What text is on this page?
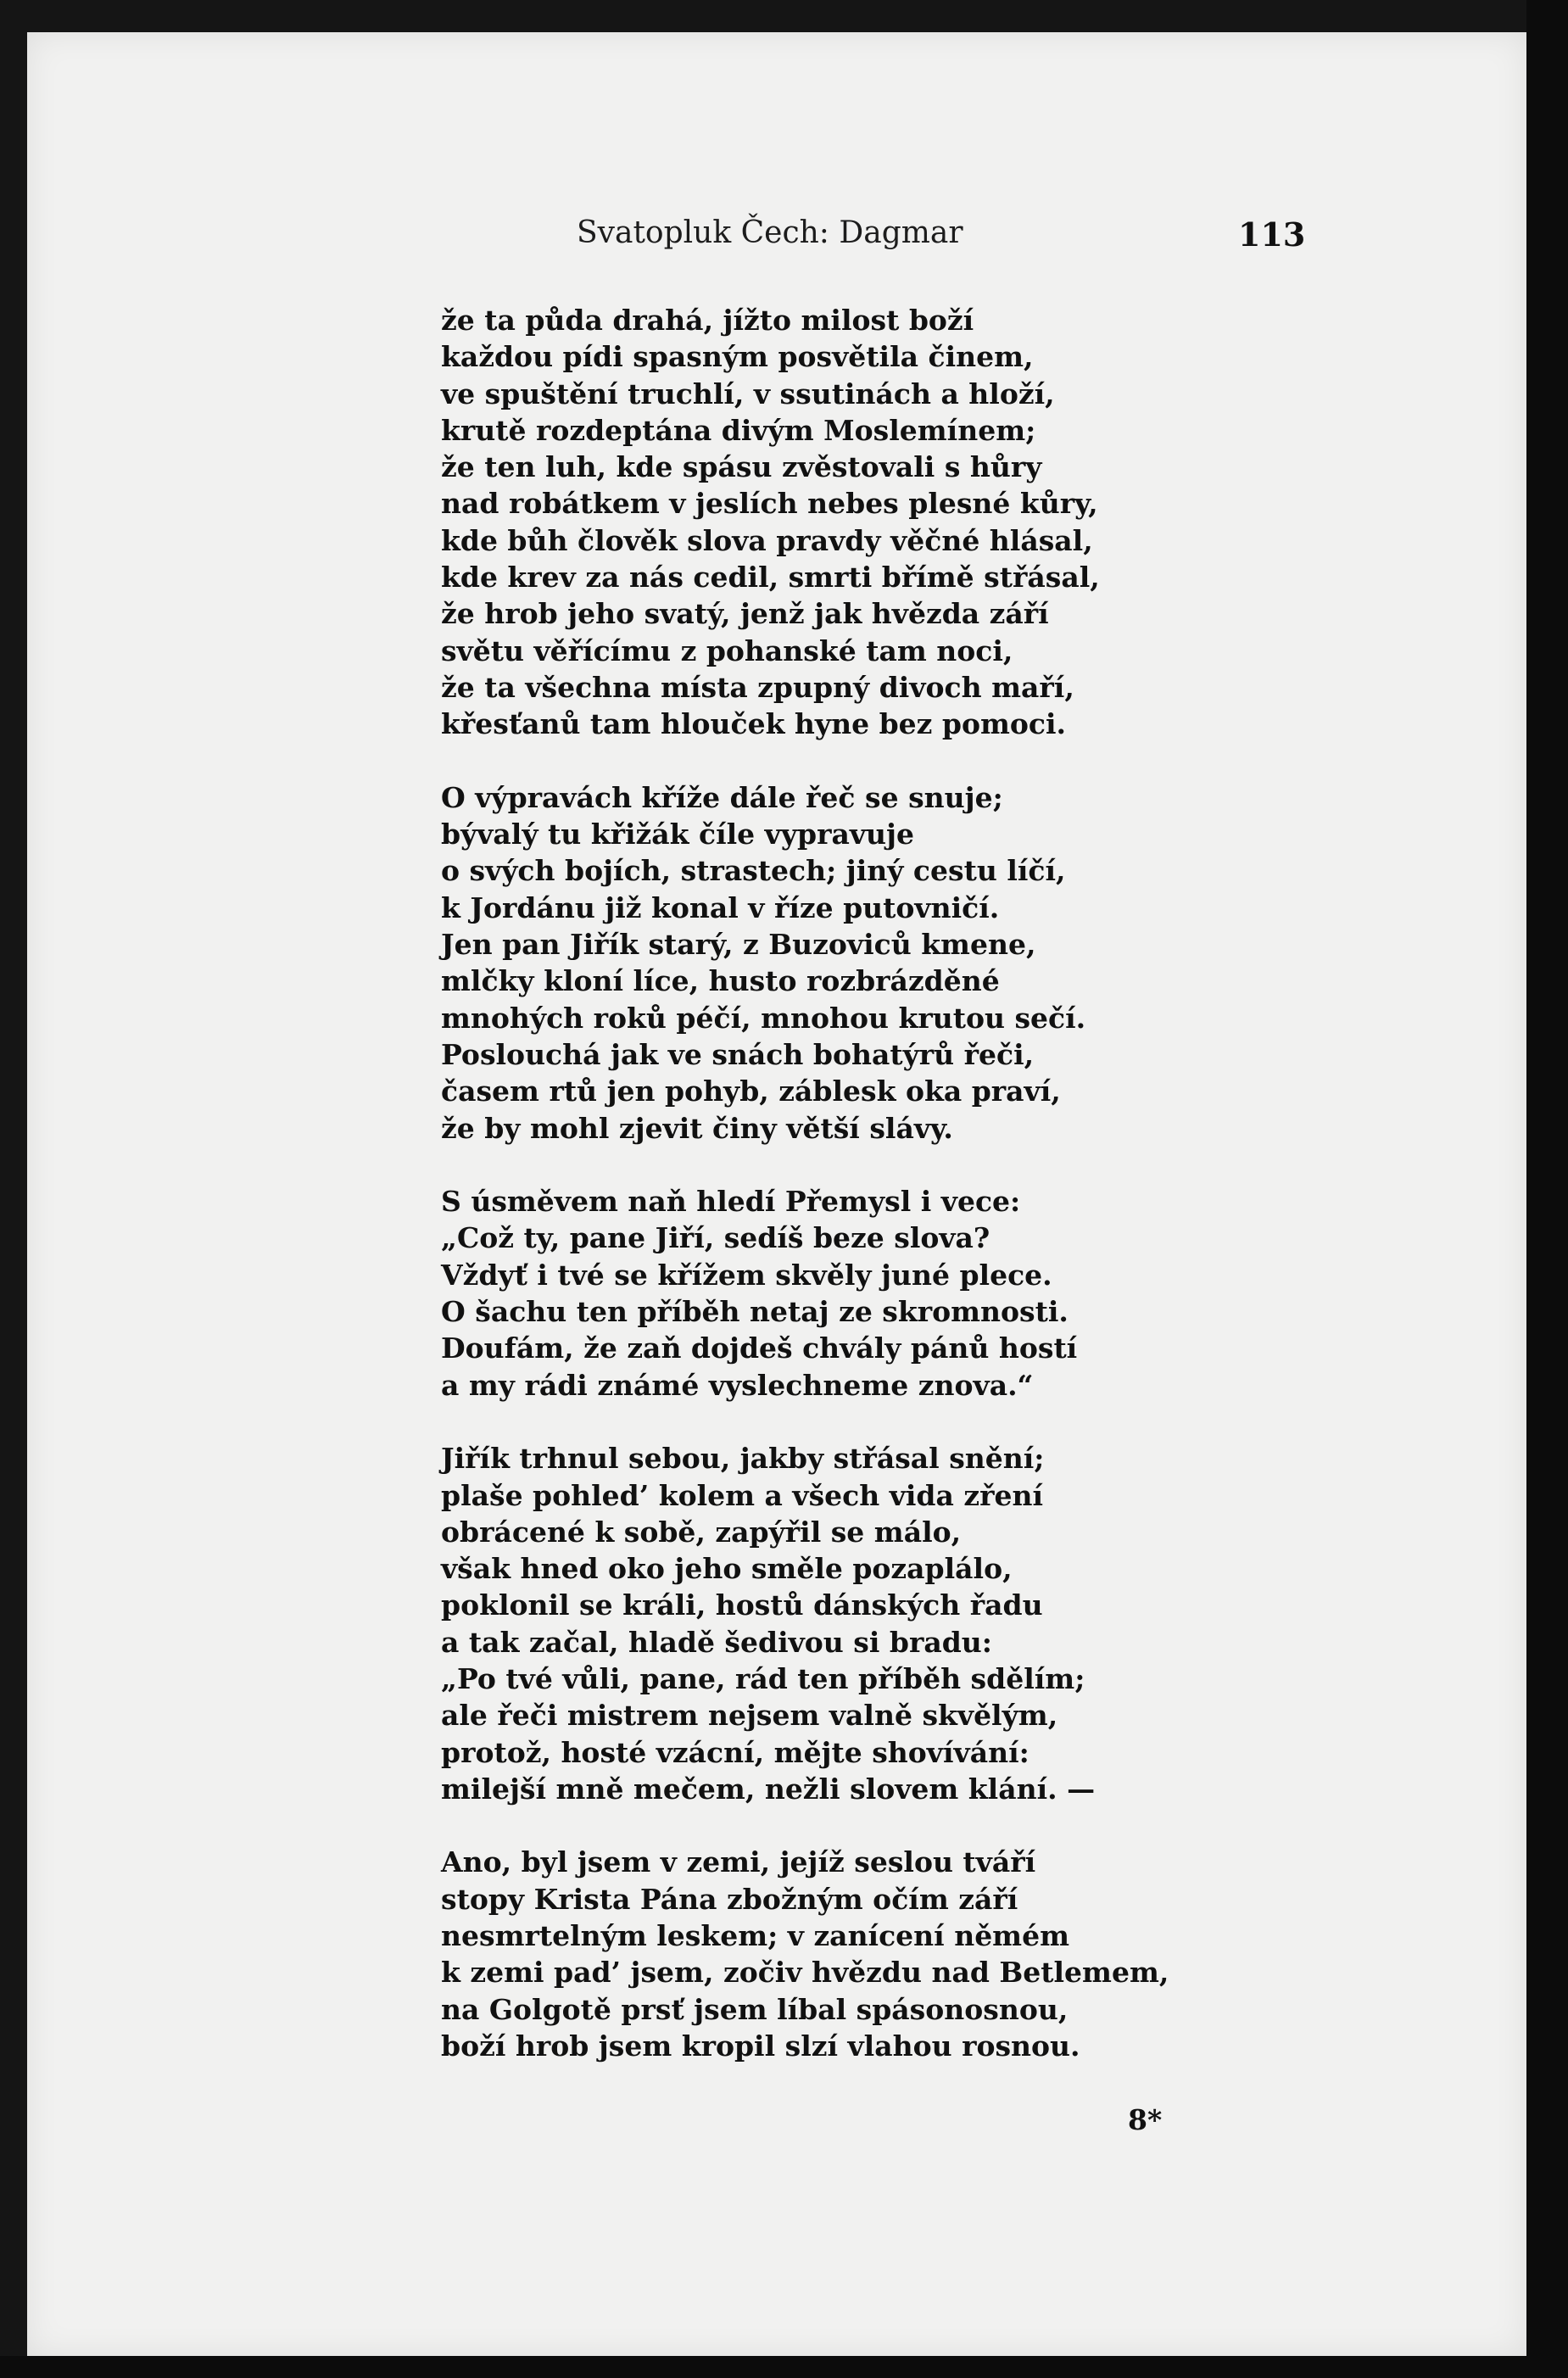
Svatopluk Čech: Dagmar	113
že ta půda drahá, jížto milost boží
každou pídi spasným posvětila činem,
ve spuštění truchlí, v ssutinách a hloží,
krutě rozdeptána divým Moslemínem;
že ten luh, kde spásu zvěstovali s hůry
nad robátkem v jeslích nebes plesné kůry,
kde bůh člověk slova pravdy věčné hlásal,
kde krev za nás cedil, smrti břímě střásal,
že hrob jeho svatý, jenž jak hvězda září
světu věřícímu z pohanské tam noci,
že ta všechna místa zpupný divoch maří,
křesťanů tam hlouček hyne bez pomoci.
O výpravách kříže dále řeč se snuje;
bývalý tu křižák číle vypravuje
o svých bojích, strastech; jiný cestu líčí,
k Jordánu již konal v říze putovničí.
Jen pan Jiřík starý, z Buzoviců kmene,
mlčky kloní líce, husto rozbrázděné
mnohých roků péčí, mnohou krutou sečí.
Poslouchá jak ve snách bohatýrů řeči,
časem rtů jen pohyb, záblesk oka praví,
že by mohl zjevit činy větší slávy.
S úsměvem naň hledí Přemysl i vece:
„Což ty, pane Jiří, sedíš beze slova?
Vždyť i tvé se křížem skvěly juné plece.
O šachu ten příběh netaj ze skromnosti.
Doufám, že zaň dojdeš chvály pánů hostí
a my rádi známé vyslechneme znova.“
Jiřík trhnul sebou, jakby střásal snění;
plaše pohled’ kolem a všech vida zření
obrácené k sobě, zapýřil se málo,
však hned oko jeho směle pozaplálo,
poklonil se králi, hostů dánských řadu
a tak začal, hladě šedivou si bradu:
„Po tvé vůli, pane, rád ten příběh sdělím;
ale řeči mistrem nejsem valně skvělým,
protož, hosté vzácní, mějte shovívání:
milejší mně mečem, nežli slovem klání. —
Ano, byl jsem v zemi, jejíž seslou tváří
stopy Krista Pána zbožným očím září
nesmrtelným leskem; v zanícení němém
k zemi pad’ jsem, zočiv hvězdu nad Betlemem,
na Golgotě prsť jsem líbal spásonosnou,
boží hrob jsem kropil slzí vlahou rosnou.
8*
